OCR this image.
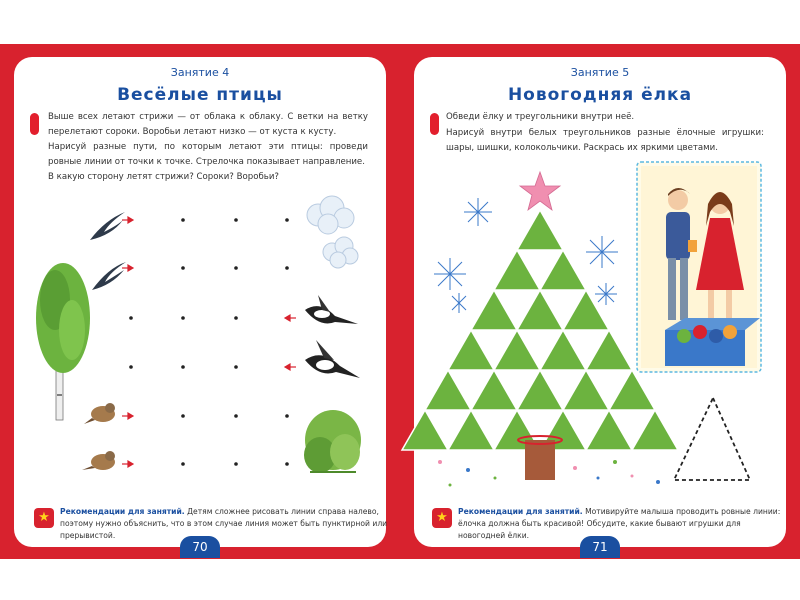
Занятие 4
Весёлые птицы
Выше всех летают стрижи — от облака к облаку. С ветки на ветку перелетают сороки. Воробьи летают низко — от куста к кусту.
Нарисуй разные пути, по которым летают эти птицы: проведи ровные линии от точки к точке. Стрелочка показывает направление.
В какую сторону летят стрижи? Сороки? Воробьи?
Занятие 5
Новогодняя ёлка
Обведи ёлку и треугольники внутри неё.
Нарисуй внутри белых треугольников разные ёлочные игрушки: шары, шишки, колокольчики. Раскрась их яркими цветами.
★	Рекомендации для занятий. Детям сложнее рисовать линии справа налево, поэтому нужно объяснить, что в этом случае линия может быть пунктирной или прерывистой.
★	Рекомендации для занятий. Мотивируйте малыша проводить ровные линии: ёлочка должна быть красивой! Обсудите, какие бывают игрушки для новогодней ёлки.
70	71
